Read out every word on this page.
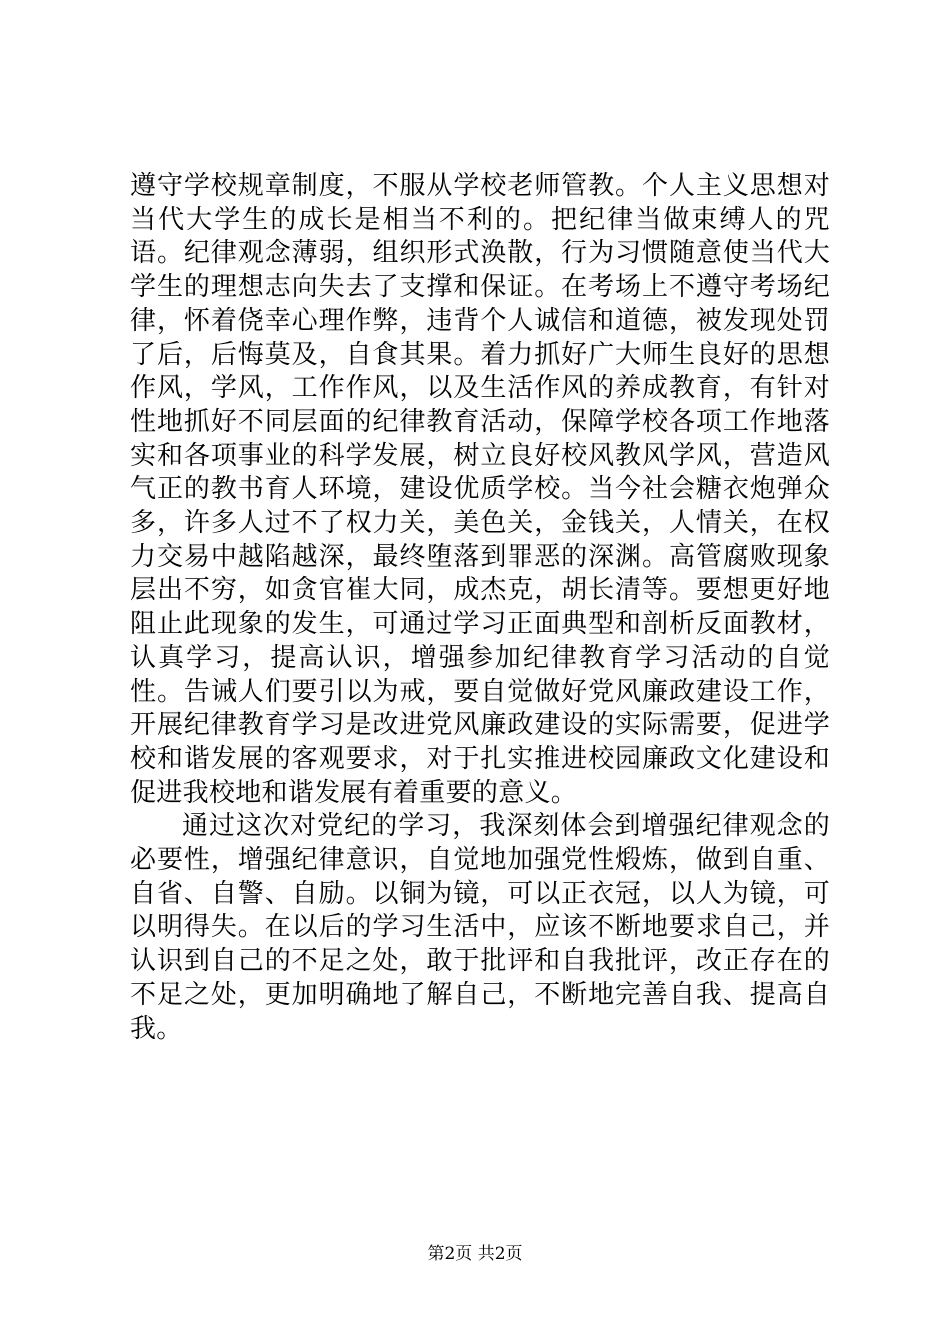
遵守学校规章制度，不服从学校老师管教。个人主义思想对当代大学生的成长是相当不利的。把纪律当做束缚人的咒语。纪律观念薄弱，组织形式涣散，行为习惯随意使当代大学生的理想志向失去了支撑和保证。在考场上不遵守考场纪律，怀着侥幸心理作弊，违背个人诚信和道德，被发现处罚了后，后悔莫及，自食其果。着力抓好广大师生良好的思想作风，学风，工作作风，以及生活作风的养成教育，有针对性地抓好不同层面的纪律教育活动，保障学校各项工作地落实和各项事业的科学发展，树立良好校风教风学风，营造风气正的教书育人环境，建设优质学校。当今社会糖衣炮弹众多，许多人过不了权力关，美色关，金钱关，人情关，在权力交易中越陷越深，最终堕落到罪恶的深渊。高管腐败现象层出不穷，如贪官崔大同，成杰克，胡长清等。要想更好地阻止此现象的发生，可通过学习正面典型和剖析反面教材，认真学习，提高认识，增强参加纪律教育学习活动的自觉性。告诫人们要引以为戒，要自觉做好党风廉政建设工作，开展纪律教育学习是改进党风廉政建设的实际需要，促进学校和谐发展的客观要求，对于扎实推进校园廉政文化建设和促进我校地和谐发展有着重要的意义。

通过这次对党纪的学习，我深刻体会到增强纪律观念的必要性，增强纪律意识，自觉地加强党性煅炼，做到自重、自省、自警、自励。以铜为镜，可以正衣冠，以人为镜，可以明得失。在以后的学习生活中，应该不断地要求自己，并认识到自己的不足之处，敢于批评和自我批评，改正存在的不足之处，更加明确地了解自己，不断地完善自我、提高自我。

第2页 共2页
